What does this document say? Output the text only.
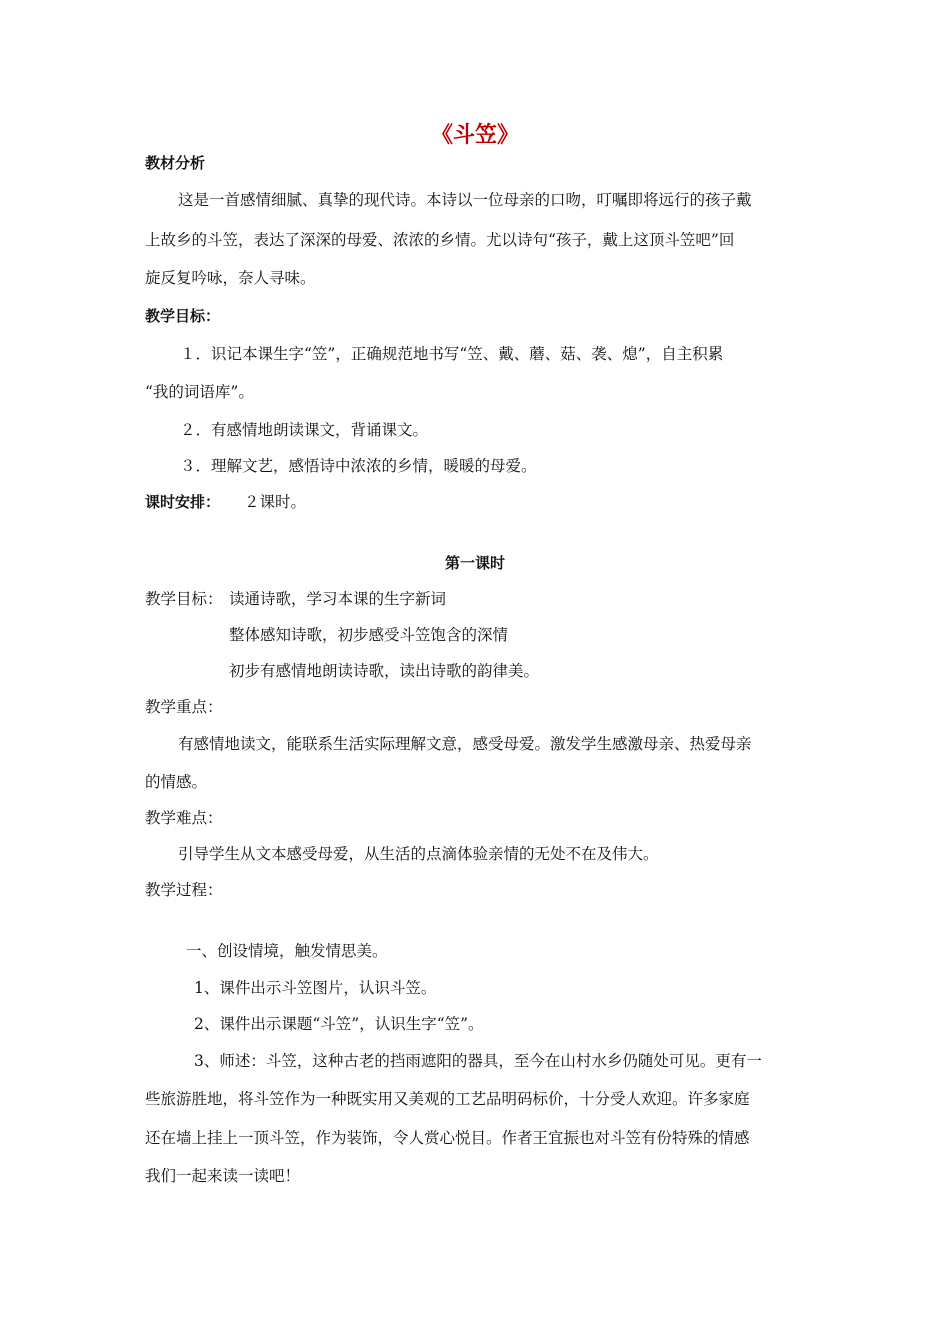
《斗笠》
教材分析
这是一首感情细腻、真挚的现代诗。本诗以一位母亲的口吻，叮嘱即将远行的孩子戴
上故乡的斗笠，表达了深深的母爱、浓浓的乡情。尤以诗句“孩子，戴上这顶斗笠吧”回
旋反复吟咏，奈人寻味。
教学目标：
１．识记本课生字“笠”，正确规范地书写“笠、戴、蘑、菇、袭、熄”，自主积累
“我的词语库”。
２．有感情地朗读课文，背诵课文。
３．理解文艺，感悟诗中浓浓的乡情，暖暖的母爱。
课时安排： ２课时。
第一课时
教学目标： 读通诗歌，学习本课的生字新词
整体感知诗歌，初步感受斗笠饱含的深情
初步有感情地朗读诗歌，读出诗歌的韵律美。
教学重点：
有感情地读文，能联系生活实际理解文意，感受母爱。激发学生感激母亲、热爱母亲
的情感。
教学难点：
引导学生从文本感受母爱，从生活的点滴体验亲情的无处不在及伟大。
教学过程：
一、创设情境，触发情思美。
1、课件出示斗笠图片，认识斗笠。
2、课件出示课题“斗笠”，认识生字“笠”。
3、师述：斗笠，这种古老的挡雨遮阳的器具，至今在山村水乡仍随处可见。更有一
些旅游胜地，将斗笠作为一种既实用又美观的工艺品明码标价，十分受人欢迎。许多家庭
还在墙上挂上一顶斗笠，作为装饰，令人赏心悦目。作者王宜振也对斗笠有份特殊的情感
我们一起来读一读吧！
